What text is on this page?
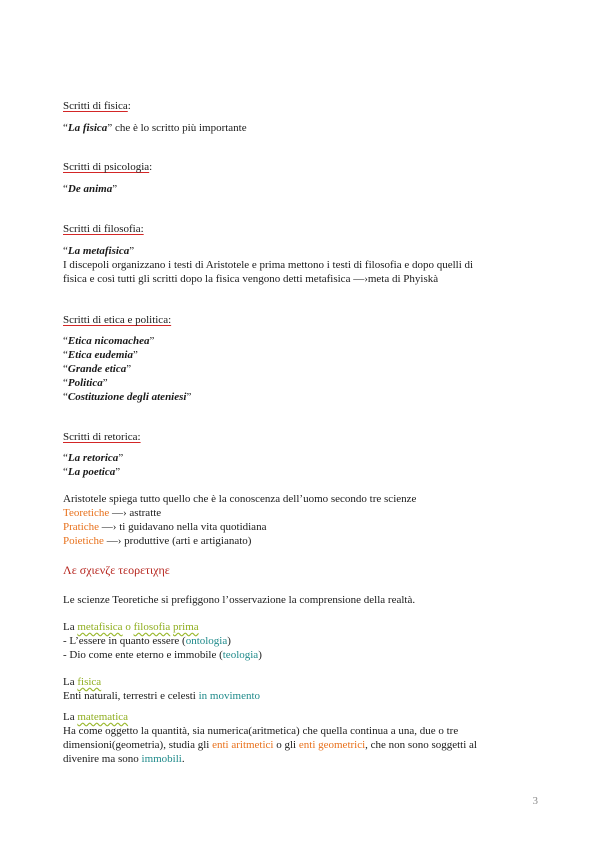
Scritti di fisica:
“La fisica” che è lo scritto più importante
Scritti di psicologia:
“De anima”
Scritti di filosofia:
“La metafisica”
I discepoli organizzano i testi di Aristotele e prima mettono i testi di filosofia e dopo quelli di
fisica e così tutti gli scritti dopo la fisica vengono detti metafisica —›meta di Phyiskà
Scritti di etica e politica:
“Etica nicomachea”
“Etica eudemia”
“Grande etica”
“Politica”
“Costituzione degli ateniesi”
Scritti di retorica:
“La retorica”
“La poetica”
Aristotele spiega tutto quello che è la conoscenza dell’uomo secondo tre scienze
Teoretiche —› astratte
Pratiche —› ti guidavano nella vita quotidiana
Poietiche —› produttive (arti e artigianato)
Λε σχιενζε τεορετιχηε
Le scienze Teoretiche si prefiggono l’osservazione la comprensione della realtà.
La metafisica o filosofia prima
- L’essere in quanto essere (ontologia)
- Dio come ente eterno e immobile (teologia)
La fisica
Enti naturali, terrestri e celesti in movimento
La matematica
Ha come oggetto la quantità, sia numerica(aritmetica) che quella continua a una, due o tre
dimensioni(geometria), studia gli enti aritmetici o gli enti geometrici, che non sono soggetti al
divenire ma sono immobili.
3
